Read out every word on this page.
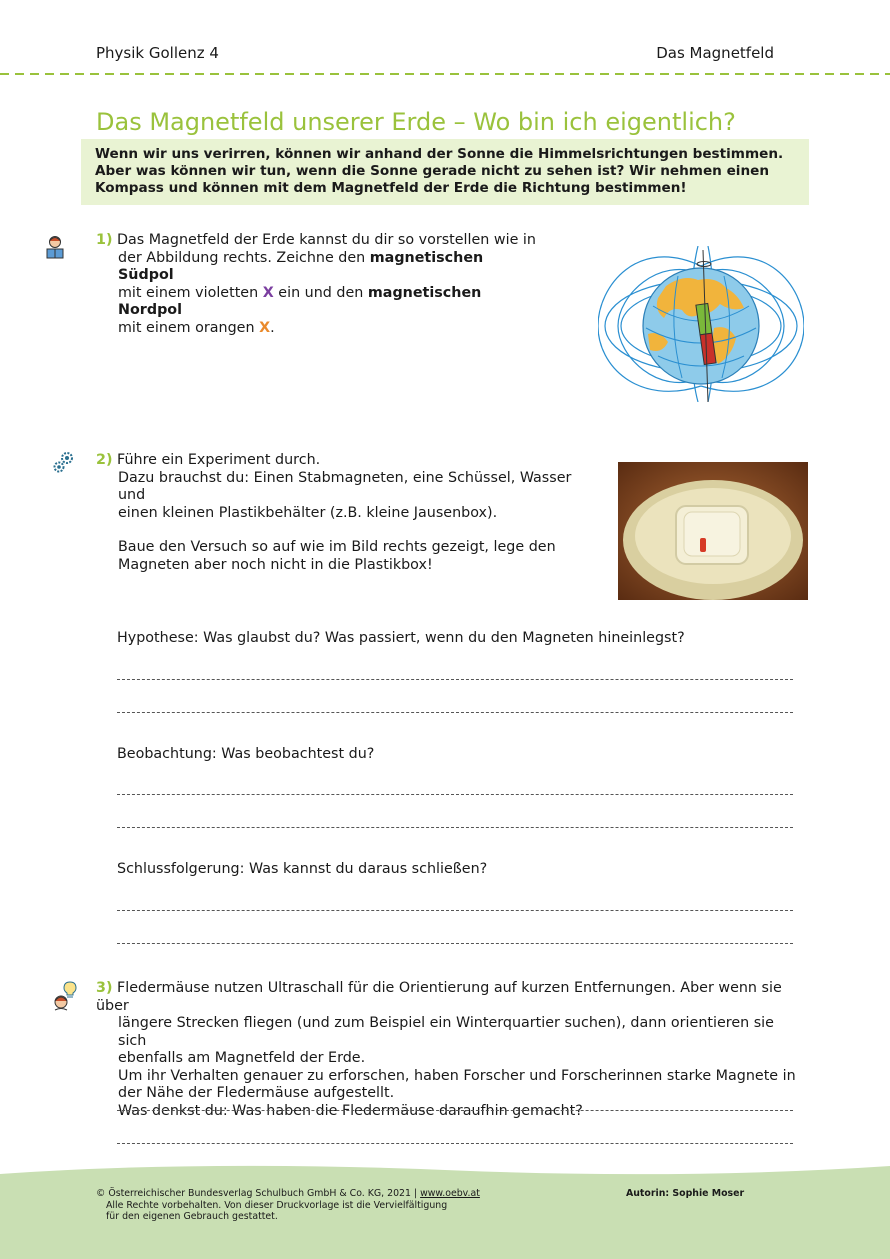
Physik Gollenz 4	Das Magnetfeld
Das Magnetfeld unserer Erde – Wo bin ich eigentlich?
Wenn wir uns verirren, können wir anhand der Sonne die Himmelsrichtungen bestimmen. Aber was können wir tun, wenn die Sonne gerade nicht zu sehen ist? Wir nehmen einen Kompass und können mit dem Magnetfeld der Erde die Richtung bestimmen!
1) Das Magnetfeld der Erde kannst du dir so vorstellen wie in
der Abbildung rechts. Zeichne den magnetischen Südpol
mit einem violetten X ein und den magnetischen Nordpol
mit einem orangen X.
2) Führe ein Experiment durch.
Dazu brauchst du: Einen Stabmagneten, eine Schüssel, Wasser und
einen kleinen Plastikbehälter (z.B. kleine Jausenbox).
Baue den Versuch so auf wie im Bild rechts gezeigt, lege den
Magneten aber noch nicht in die Plastikbox!
Hypothese: Was glaubst du? Was passiert, wenn du den Magneten hineinlegst?
Beobachtung: Was beobachtest du?
Schlussfolgerung: Was kannst du daraus schließen?
3) Fledermäuse nutzen Ultraschall für die Orientierung auf kurzen Entfernungen. Aber wenn sie über
längere Strecken fliegen (und zum Beispiel ein Winterquartier suchen), dann orientieren sie sich
ebenfalls am Magnetfeld der Erde.
Um ihr Verhalten genauer zu erforschen, haben Forscher und Forscherinnen starke Magnete in
der Nähe der Fledermäuse aufgestellt.
Was denkst du: Was haben die Fledermäuse daraufhin gemacht?
© Österreichischer Bundesverlag Schulbuch GmbH & Co. KG, 2021 | www.oebv.at
Alle Rechte vorbehalten. Von dieser Druckvorlage ist die Vervielfältigung
für den eigenen Gebrauch gestattet.
Autorin: Sophie Moser
